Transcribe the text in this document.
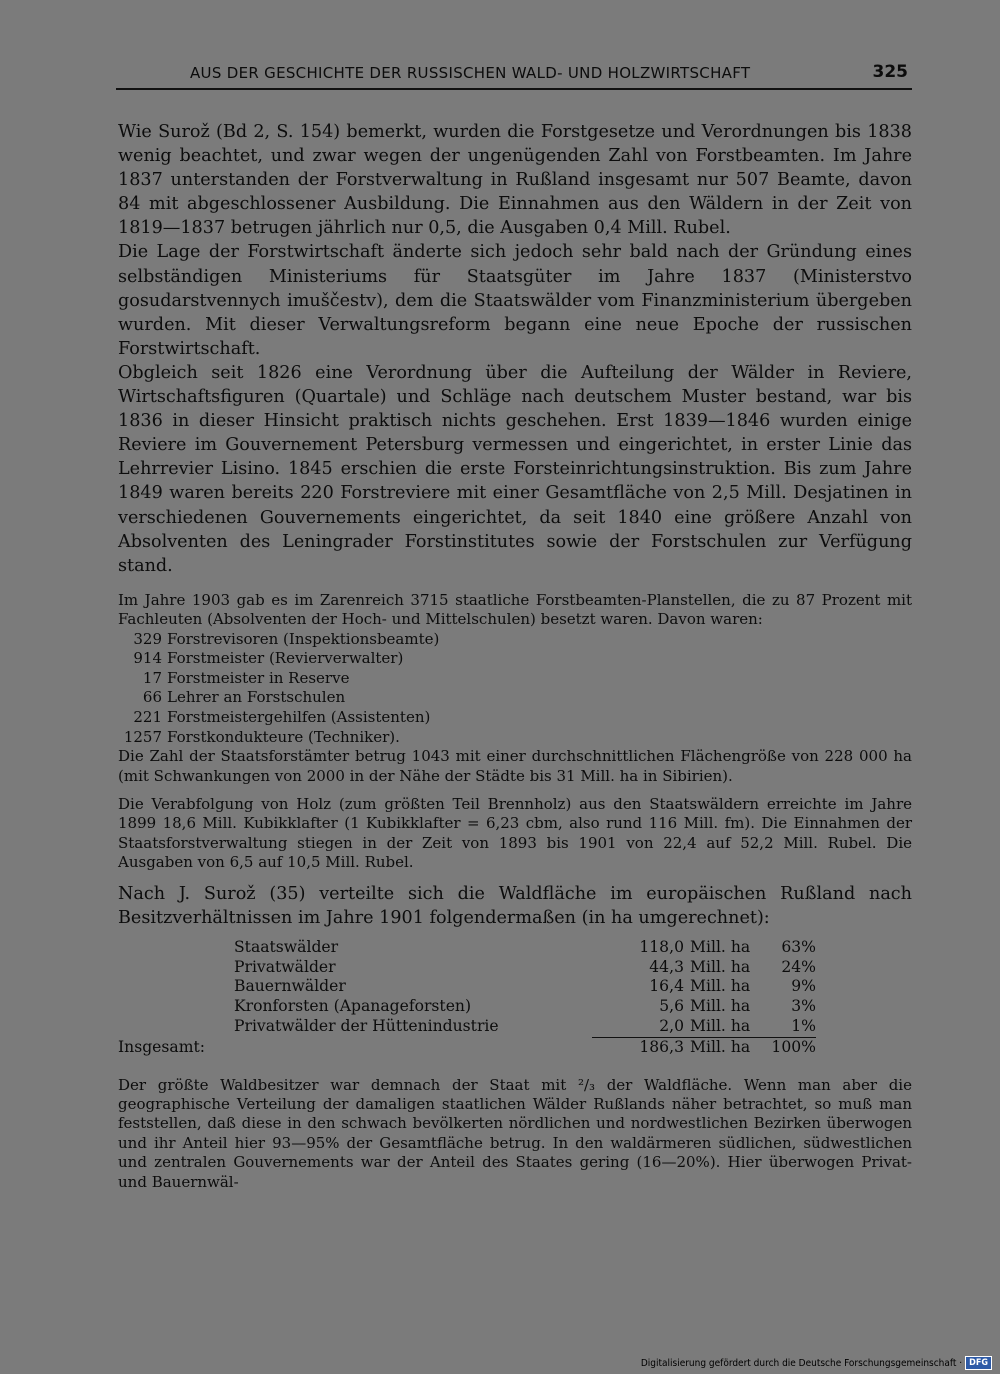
AUS DER GESCHICHTE DER RUSSISCHEN WALD- UND HOLZWIRTSCHAFT	325

Wie Surož (Bd 2, S. 154) bemerkt, wurden die Forstgesetze und Verordnungen bis 1838 wenig beachtet, und zwar wegen der ungenügenden Zahl von Forstbeamten. Im Jahre 1837 unterstanden der Forstverwaltung in Rußland insgesamt nur 507 Beamte, davon 84 mit abgeschlossener Ausbildung. Die Einnahmen aus den Wäldern in der Zeit von 1819—1837 betrugen jährlich nur 0,5, die Ausgaben 0,4 Mill. Rubel.

Die Lage der Forstwirtschaft änderte sich jedoch sehr bald nach der Gründung eines selbständigen Ministeriums für Staatsgüter im Jahre 1837 (Ministerstvo gosudarstvennych imuščestv), dem die Staatswälder vom Finanzministerium übergeben wurden. Mit dieser Verwaltungsreform begann eine neue Epoche der russischen Forstwirtschaft.

Obgleich seit 1826 eine Verordnung über die Aufteilung der Wälder in Reviere, Wirtschaftsfiguren (Quartale) und Schläge nach deutschem Muster bestand, war bis 1836 in dieser Hinsicht praktisch nichts geschehen. Erst 1839—1846 wurden einige Reviere im Gouvernement Petersburg vermessen und eingerichtet, in erster Linie das Lehrrevier Lisino. 1845 erschien die erste Forsteinrichtungsinstruktion. Bis zum Jahre 1849 waren bereits 220 Forstreviere mit einer Gesamtfläche von 2,5 Mill. Desjatinen in verschiedenen Gouvernements eingerichtet, da seit 1840 eine größere Anzahl von Absolventen des Leningrader Forstinstitutes sowie der Forstschulen zur Verfügung stand.

Im Jahre 1903 gab es im Zarenreich 3715 staatliche Forstbeamten-Planstellen, die zu 87 Prozent mit Fachleuten (Absolventen der Hoch- und Mittelschulen) besetzt waren. Davon waren:

329 Forstrevisoren (Inspektionsbeamte)
914 Forstmeister (Revierverwalter)
17 Forstmeister in Reserve
66 Lehrer an Forstschulen
221 Forstmeistergehilfen (Assistenten)
1257 Forstkondukteure (Techniker).

Die Zahl der Staatsforstämter betrug 1043 mit einer durchschnittlichen Flächengröße von 228 000 ha (mit Schwankungen von 2000 in der Nähe der Städte bis 31 Mill. ha in Sibirien).

Die Verabfolgung von Holz (zum größten Teil Brennholz) aus den Staatswäldern erreichte im Jahre 1899 18,6 Mill. Kubikklafter (1 Kubikklafter = 6,23 cbm, also rund 116 Mill. fm). Die Einnahmen der Staatsforstverwaltung stiegen in der Zeit von 1893 bis 1901 von 22,4 auf 52,2 Mill. Rubel. Die Ausgaben von 6,5 auf 10,5 Mill. Rubel.

Nach J. Surož (35) verteilte sich die Waldfläche im europäischen Rußland nach Besitzverhältnissen im Jahre 1901 folgendermaßen (in ha umgerechnet):

	Staatswälder	118,0	Mill. ha	63%
	Privatwälder	44,3	Mill. ha	24%
	Bauernwälder	16,4	Mill. ha	9%
	Kronforsten (Apanageforsten)	5,6	Mill. ha	3%
	Privatwälder der Hüttenindustrie	2,0	Mill. ha	1%
Insgesamt:		186,3	Mill. ha	100%

Der größte Waldbesitzer war demnach der Staat mit ²/₃ der Waldfläche. Wenn man aber die geographische Verteilung der damaligen staatlichen Wälder Rußlands näher betrachtet, so muß man feststellen, daß diese in den schwach bevölkerten nördlichen und nordwestlichen Bezirken überwogen und ihr Anteil hier 93—95% der Gesamtfläche betrug. In den waldärmeren südlichen, südwestlichen und zentralen Gouvernements war der Anteil des Staates gering (16—20%). Hier überwogen Privat- und Bauernwäl-

Digitalisierung gefördert durch die Deutsche Forschungsgemeinschaft · DFG
